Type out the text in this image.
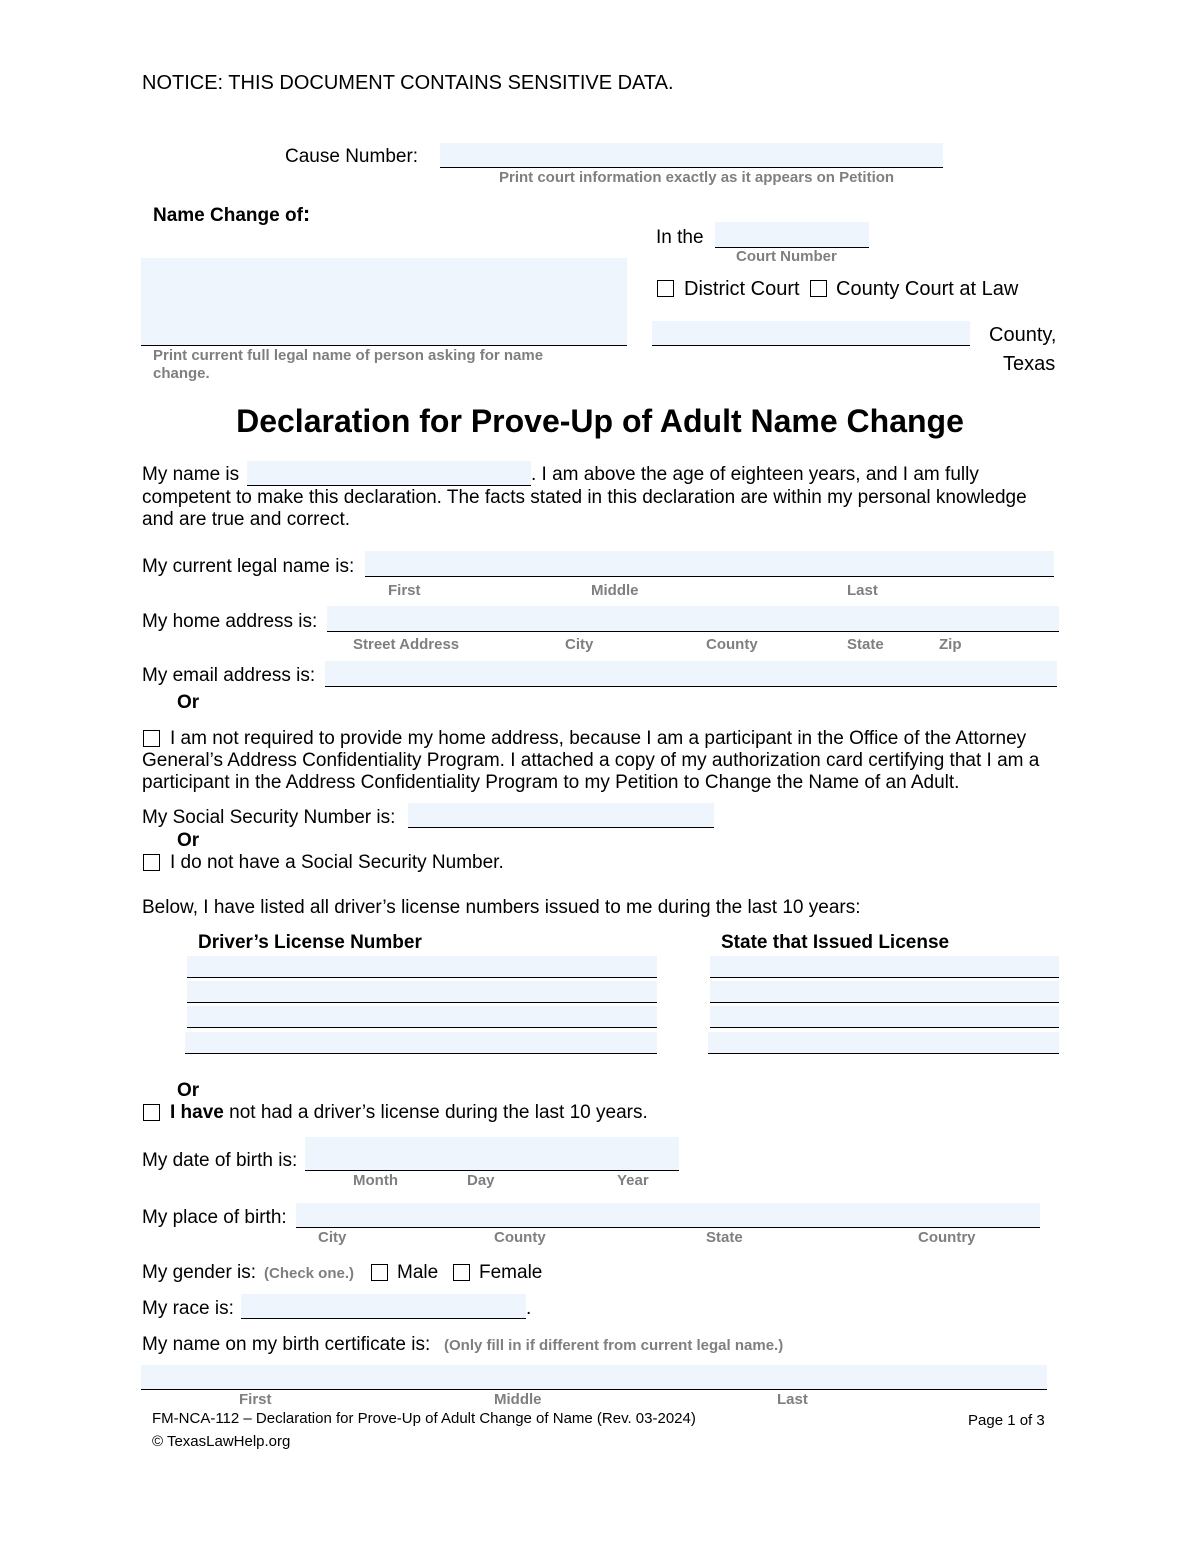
NOTICE: THIS DOCUMENT CONTAINS SENSITIVE DATA.
Cause Number:
Print court information exactly as it appears on Petition
Name Change of:
Print current full legal name of person asking for name change.
In the
Court Number
District Court County Court at Law
County,
Texas
Declaration for Prove-Up of Adult Name Change
My name is	. I am above the age of eighteen years, and I am fully
competent to make this declaration. The facts stated in this declaration are within my personal knowledge
and are true and correct.
My current legal name is:
First	Middle	Last
My home address is:
Street Address	City	County	State	Zip
My email address is:
Or
I am not required to provide my home address, because I am a participant in the Office of the Attorney
General’s Address Confidentiality Program. I attached a copy of my authorization card certifying that I am a
participant in the Address Confidentiality Program to my Petition to Change the Name of an Adult.
My Social Security Number is:
Or
I do not have a Social Security Number.
Below, I have listed all driver’s license numbers issued to me during the last 10 years:
Driver’s License Number	State that Issued License
Or
I have not had a driver’s license during the last 10 years.
My date of birth is:
Month	Day	Year
My place of birth:
City	County	State	Country
My gender is: (Check one.) Male Female
My race is:	.
My name on my birth certificate is: (Only fill in if different from current legal name.)
First	Middle	Last
FM-NCA-112 – Declaration for Prove-Up of Adult Change of Name (Rev. 03-2024)
© TexasLawHelp.org
Page 1 of 3
